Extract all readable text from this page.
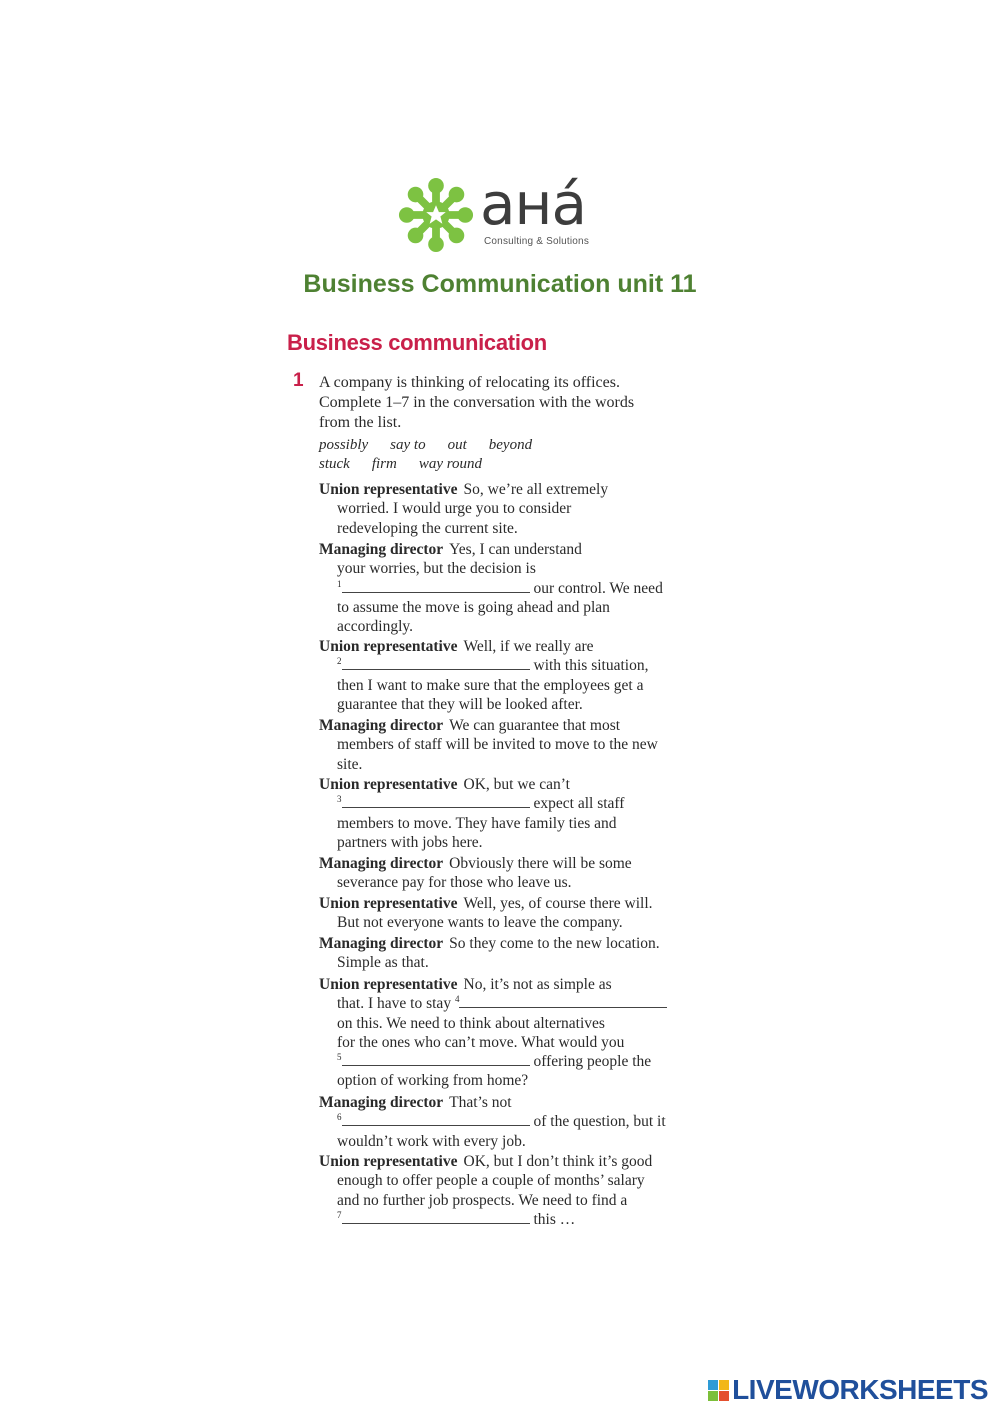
aнá
Consulting & Solutions
Business Communication unit 11
Business communication
1 A company is thinking of relocating its offices.
Complete 1–7 in the conversation with the words
from the list.
possibly say to out beyond
stuck firm way round
Union representative So, we’re all extremely
worried. I would urge you to consider
redeveloping the current site.
Managing director Yes, I can understand
your worries, but the decision is
$^1$	our control. We need
to assume the move is going ahead and plan
accordingly.
Union representative Well, if we really are
$^2$	with this situation,
then I want to make sure that the employees get a
guarantee that they will be looked after.
Managing director We can guarantee that most
members of staff will be invited to move to the new
site.
Union representative OK, but we can’t
$^3$	expect all staff
members to move. They have family ties and
partners with jobs here.
Managing director Obviously there will be some
severance pay for those who leave us.
Union representative Well, yes, of course there will.
But not everyone wants to leave the company.
Managing director So they come to the new location.
Simple as that.
Union representative No, it’s not as simple as
that. I have to stay $^4$
on this. We need to think about alternatives
for the ones who can’t move. What would you
$^5$	offering people the
option of working from home?
Managing director That’s not
$^6$	of the question, but it
wouldn’t work with every job.
Union representative OK, but I don’t think it’s good
enough to offer people a couple of months’ salary
and no further job prospects. We need to find a
$^7$	this …
LIVEWORKSHEETS
